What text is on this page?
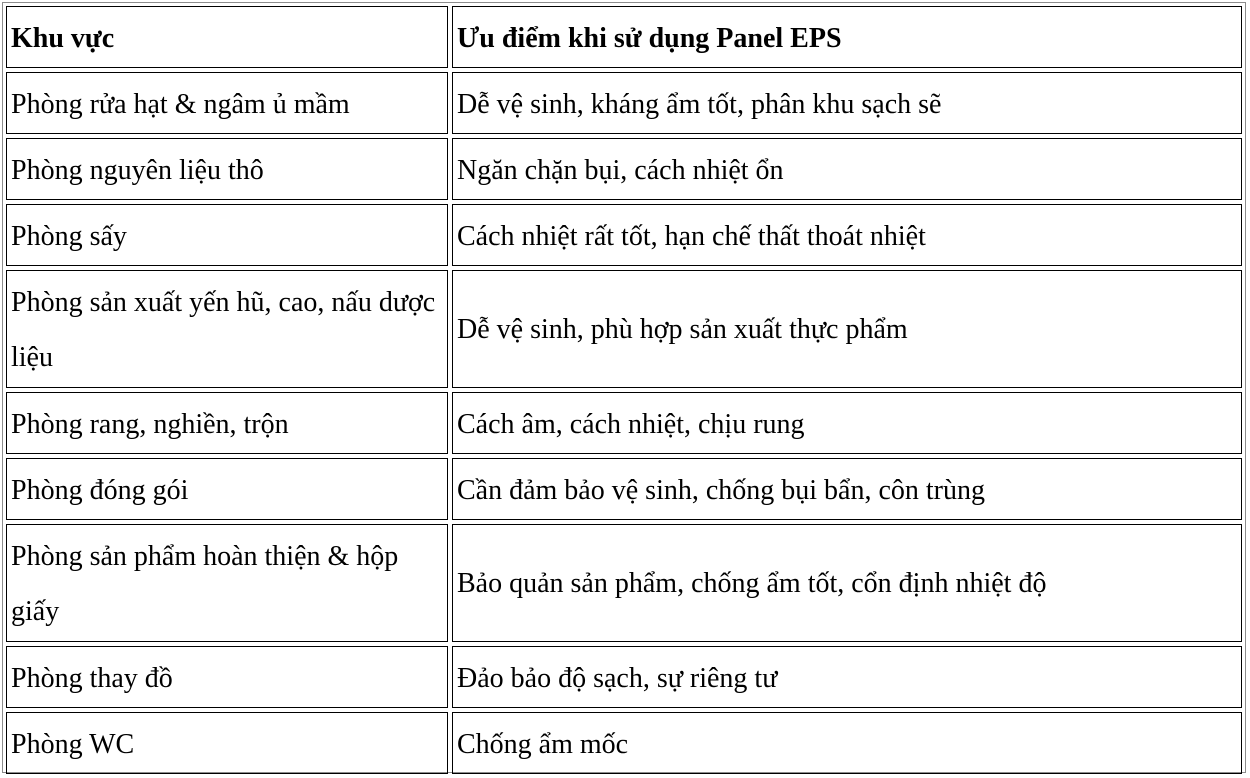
Khu vực	Ưu điểm khi sử dụng Panel EPS
Phòng rửa hạt & ngâm ủ mầm	Dễ vệ sinh, kháng ẩm tốt, phân khu sạch sẽ
Phòng nguyên liệu thô	Ngăn chặn bụi, cách nhiệt ổn
Phòng sấy	Cách nhiệt rất tốt, hạn chế thất thoát nhiệt
Phòng sản xuất yến hũ, cao, nấu dược liệu	Dễ vệ sinh, phù hợp sản xuất thực phẩm
Phòng rang, nghiền, trộn	Cách âm, cách nhiệt, chịu rung
Phòng đóng gói	Cần đảm bảo vệ sinh, chống bụi bẩn, côn trùng
Phòng sản phẩm hoàn thiện & hộp giấy	Bảo quản sản phẩm, chống ẩm tốt, cổn định nhiệt độ
Phòng thay đồ	Đảo bảo độ sạch, sự riêng tư
Phòng WC	Chống ẩm mốc
